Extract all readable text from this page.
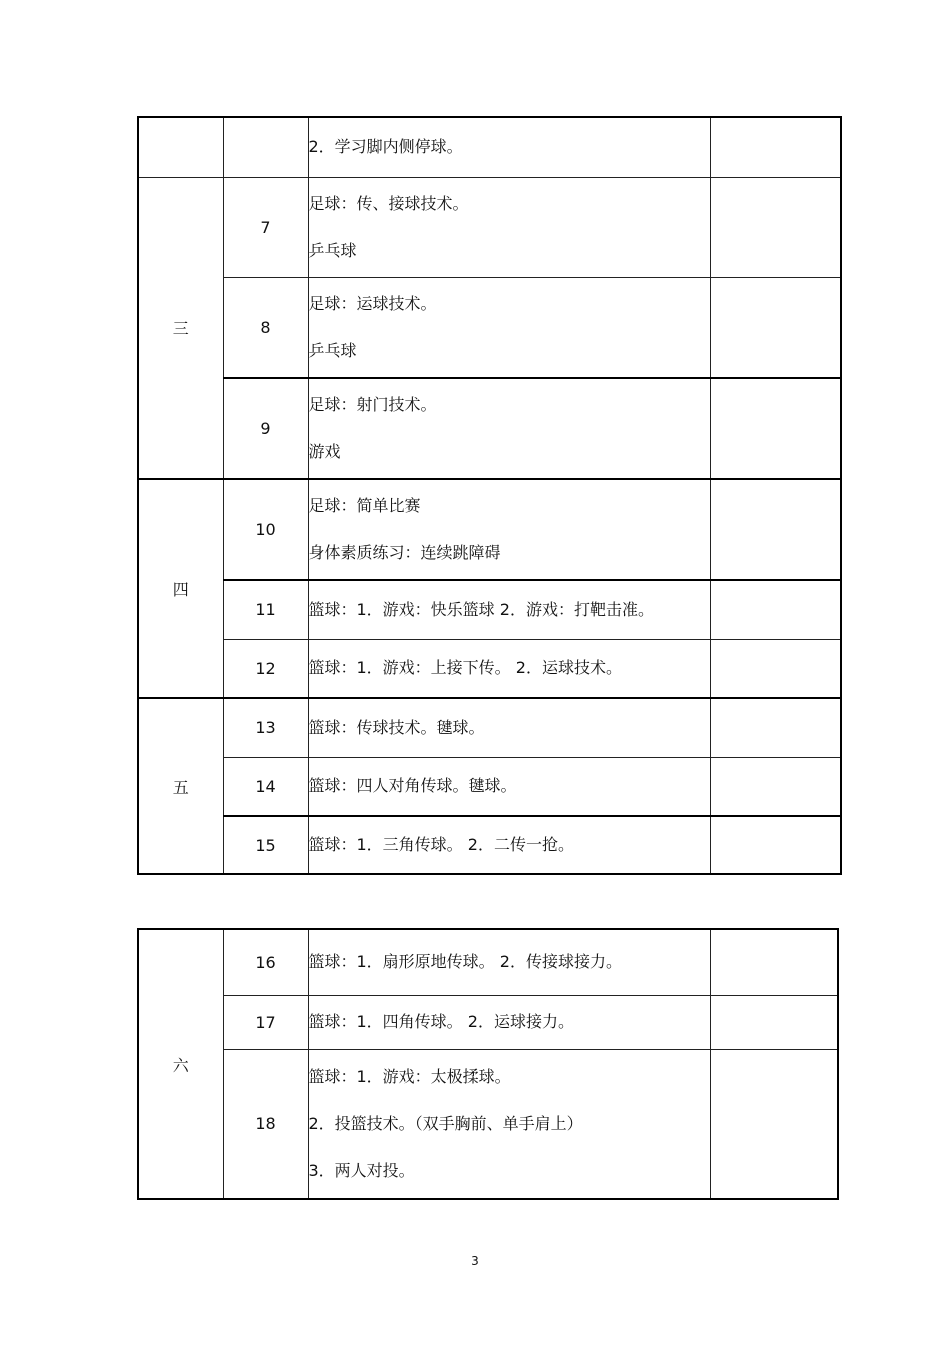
		2．学习脚内侧停球。	

三	7	足球：传、接球技术。
乒乓球	

	8	足球：运球技术。
乒乓球	

	9	足球：射门技术。
游戏	

四	10	足球：简单比赛
身体素质练习：连续跳障碍	

	11	篮球：1．游戏：快乐篮球 2．游戏：打靶击准。	

	12	篮球：1．游戏：上接下传。 2．运球技术。	

五	13	篮球：传球技术。毽球。	

	14	篮球：四人对角传球。毽球。	

	15	篮球：1．三角传球。 2．二传一抢。	

六	16	篮球：1．扇形原地传球。 2．传接球接力。	

	17	篮球：1．四角传球。 2．运球接力。	

	18	篮球：1．游戏：太极揉球。
2．投篮技术。（双手胸前、单手肩上）
3．两人对投。	

3
